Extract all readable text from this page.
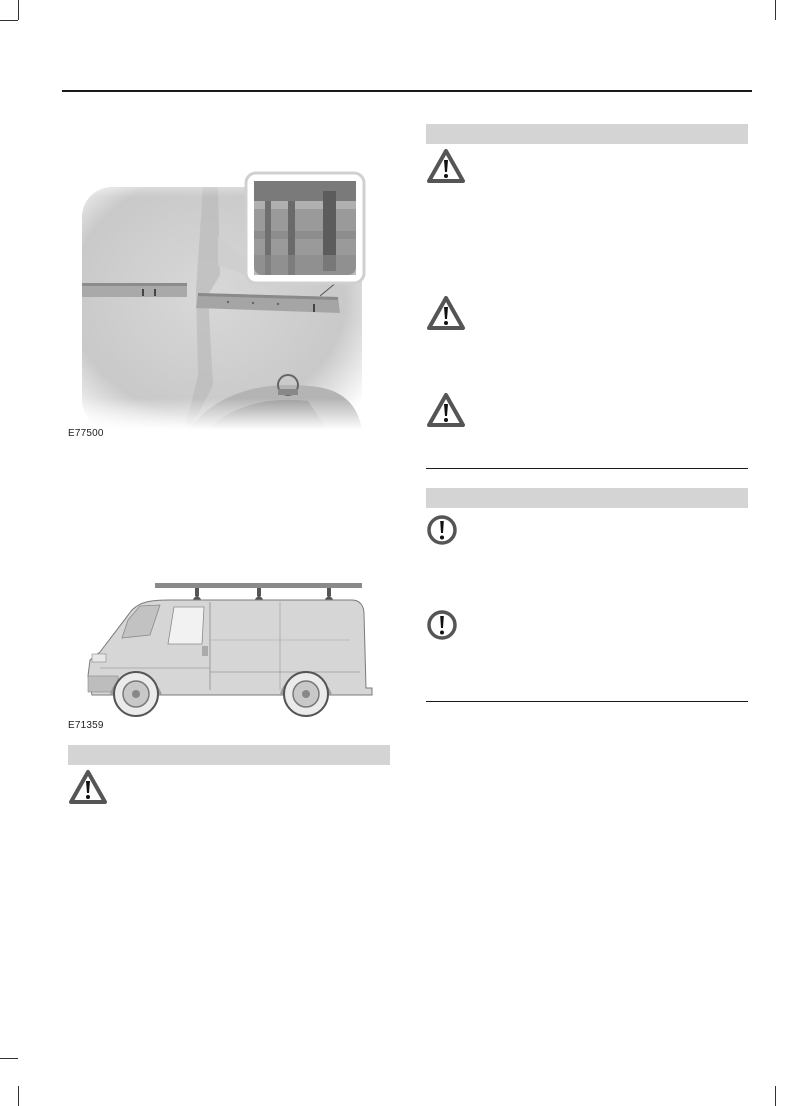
E77500
E71359
